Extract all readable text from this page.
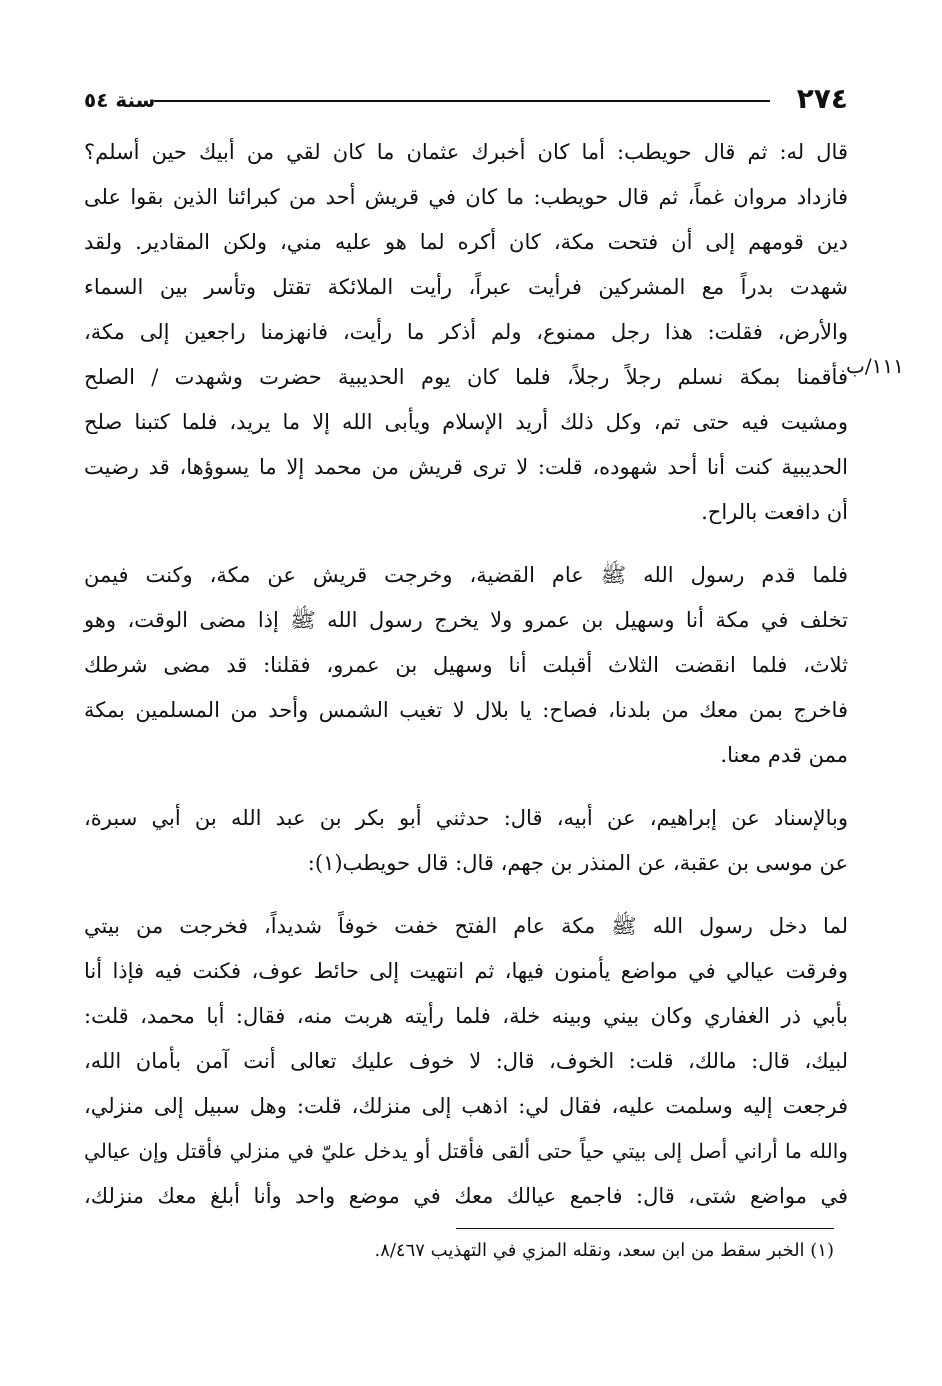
٢٧٤
سنة ٥٤
١١١/ب
قال له: ثم قال حويطب: أما كان أخبرك عثمان ما كان لقي من أبيك حين أسلم؟
فازداد مروان غماً، ثم قال حويطب: ما كان في قريش أحد من كبرائنا الذين بقوا على
دين قومهم إلى أن فتحت مكة، كان أكره لما هو عليه مني، ولكن المقادير. ولقد
شهدت بدراً مع المشركين فرأيت عبراً، رأيت الملائكة تقتل وتأسر بين السماء
والأرض، فقلت: هذا رجل ممنوع، ولم أذكر ما رأيت، فانهزمنا راجعين إلى مكة،
فأقمنا بمكة نسلم رجلاً رجلاً، فلما كان يوم الحديبية حضرت وشهدت / الصلح
ومشيت فيه حتى تم، وكل ذلك أريد الإسلام ويأبى الله إلا ما يريد، فلما كتبنا صلح
الحديبية كنت أنا أحد شهوده، قلت: لا ترى قريش من محمد إلا ما يسوؤها، قد رضيت
أن دافعت بالراح.
فلما قدم رسول الله ﷺ عام القضية، وخرجت قريش عن مكة، وكنت فيمن
تخلف في مكة أنا وسهيل بن عمرو ولا يخرج رسول الله ﷺ إذا مضى الوقت، وهو
ثلاث، فلما انقضت الثلاث أقبلت أنا وسهيل بن عمرو، فقلنا: قد مضى شرطك
فاخرج بمن معك من بلدنا، فصاح: يا بلال لا تغيب الشمس وأحد من المسلمين بمكة
ممن قدم معنا.
وبالإسناد عن إبراهيم، عن أبيه، قال: حدثني أبو بكر بن عبد الله بن أبي سبرة،
عن موسى بن عقبة، عن المنذر بن جهم، قال: قال حويطب(١):
لما دخل رسول الله ﷺ مكة عام الفتح خفت خوفاً شديداً، فخرجت من بيتي
وفرقت عيالي في مواضع يأمنون فيها، ثم انتهيت إلى حائط عوف، فكنت فيه فإذا أنا
بأبي ذر الغفاري وكان بيني وبينه خلة، فلما رأيته هربت منه، فقال: أبا محمد، قلت:
لبيك، قال: مالك، قلت: الخوف، قال: لا خوف عليك تعالى أنت آمن بأمان الله،
فرجعت إليه وسلمت عليه، فقال لي: اذهب إلى منزلك، قلت: وهل سبيل إلى منزلي،
والله ما أراني أصل إلى بيتي حياً حتى ألقى فأقتل أو يدخل عليّ في منزلي فأقتل وإن عيالي
في مواضع شتى، قال: فاجمع عيالك معك في موضع واحد وأنا أبلغ معك منزلك،
(١) الخبر سقط من ابن سعد، ونقله المزي في التهذيب ٨/٤٦٧.
